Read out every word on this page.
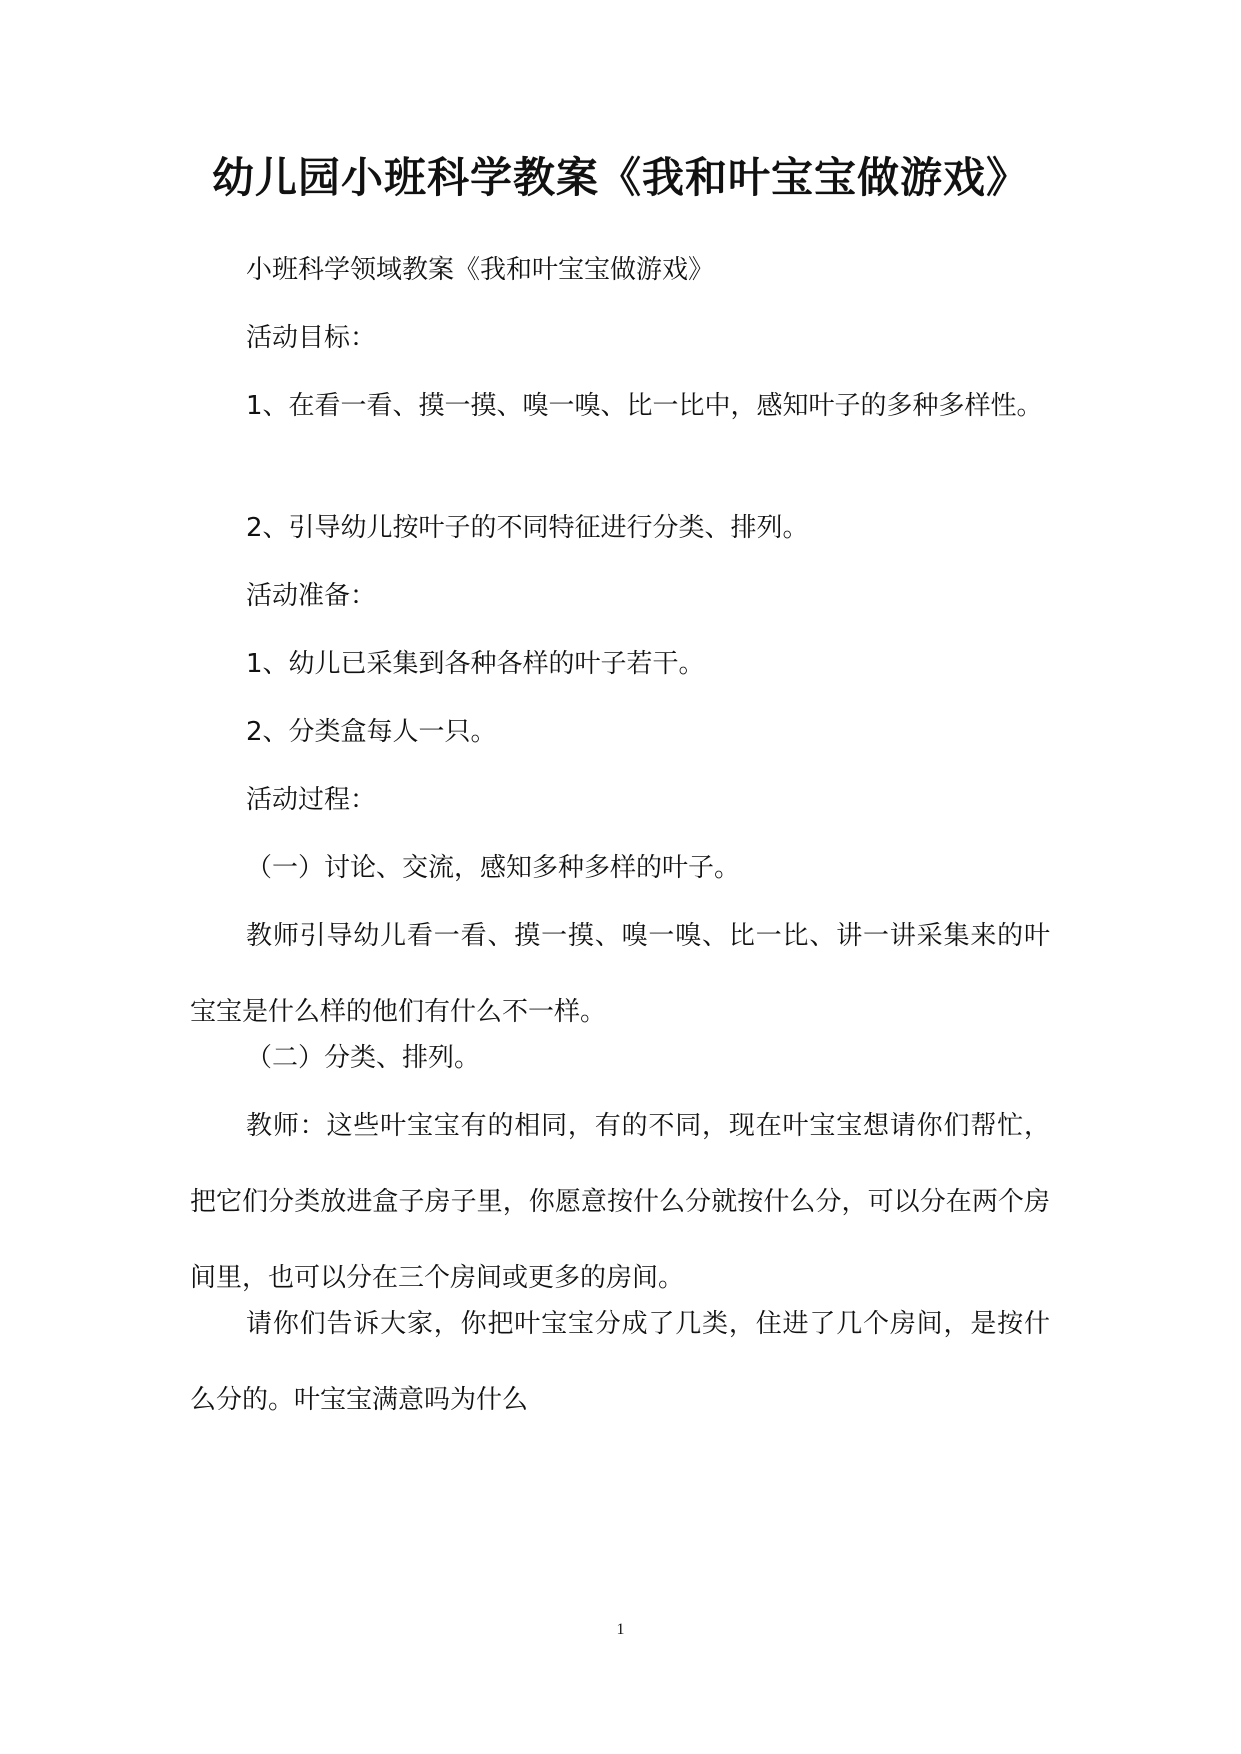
幼儿园小班科学教案《我和叶宝宝做游戏》

小班科学领域教案《我和叶宝宝做游戏》

活动目标：

1、在看一看、摸一摸、嗅一嗅、比一比中，感知叶子的多种多样性。

2、引导幼儿按叶子的不同特征进行分类、排列。

活动准备：

1、幼儿已采集到各种各样的叶子若干。

2、分类盒每人一只。

活动过程：

（一）讨论、交流，感知多种多样的叶子。

教师引导幼儿看一看、摸一摸、嗅一嗅、比一比、讲一讲采集来的叶宝宝是什么样的他们有什么不一样。

（二）分类、排列。

教师：这些叶宝宝有的相同，有的不同，现在叶宝宝想请你们帮忙，把它们分类放进盒子房子里，你愿意按什么分就按什么分，可以分在两个房间里，也可以分在三个房间或更多的房间。

请你们告诉大家，你把叶宝宝分成了几类，住进了几个房间，是按什么分的。叶宝宝满意吗为什么

1
